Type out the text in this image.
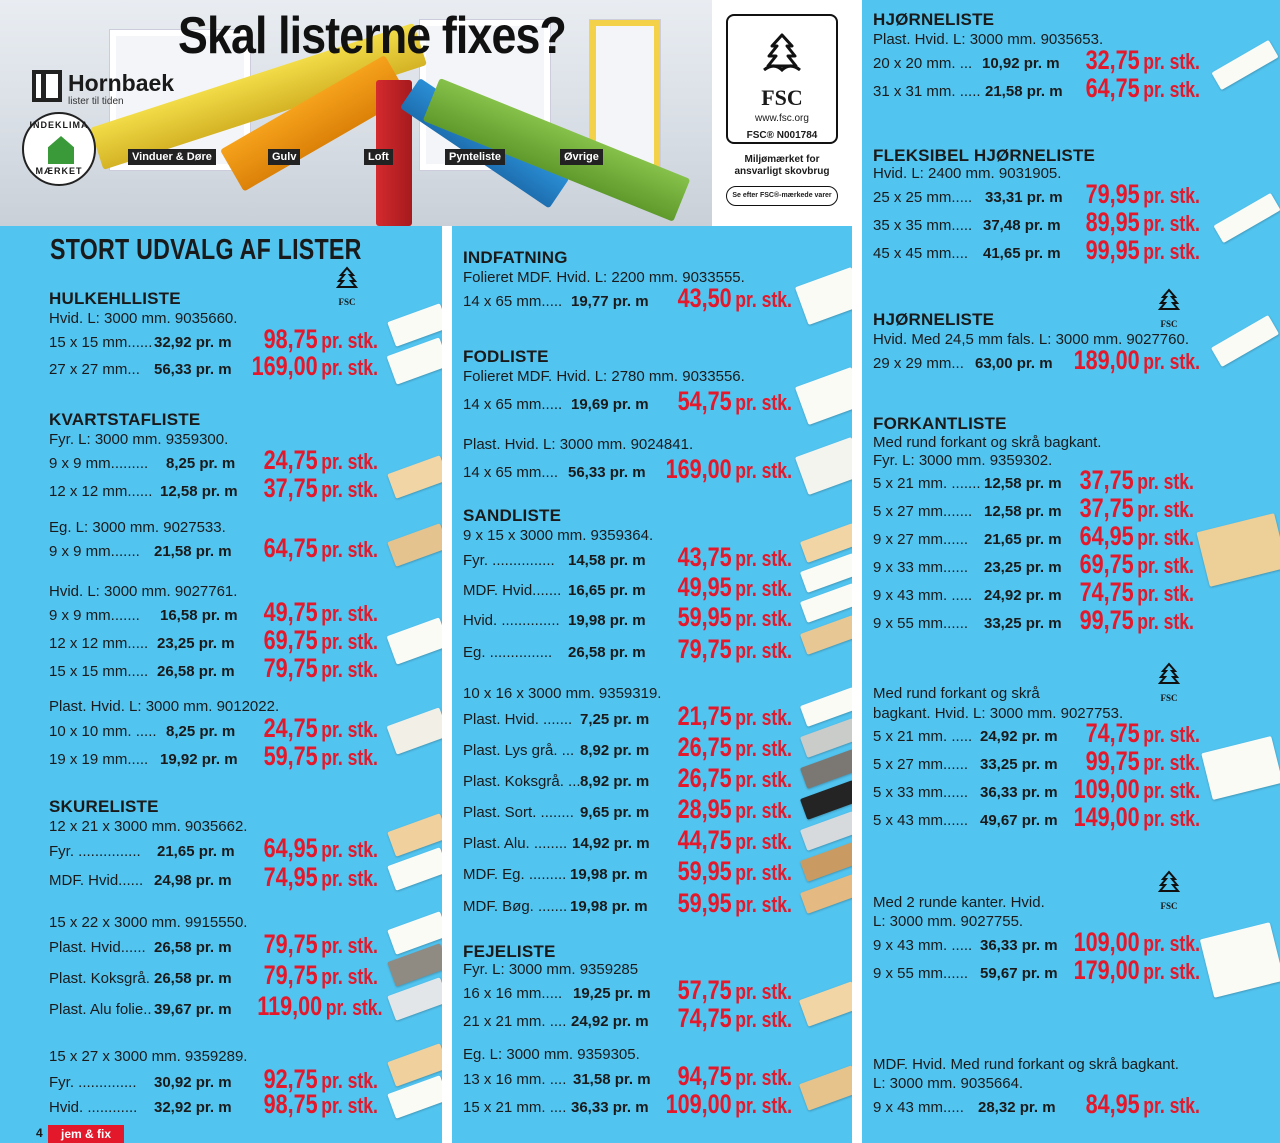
Skal listerne fixes?
Hornbaek
lister til tiden
INDEKLIMA
MÆRKET
Vinduer & Døre	Gulv	Loft	Pynteliste	Øvrige
FSC
www.fsc.org
FSC® N001784
Miljømærket for ansvarligt skovbrug
Se efter FSC®-mærkede varer
STORT UDVALG AF LISTER
FSC
HULKEHLLISTE
Hvid. L: 3000 mm. 9035660.
15 x 15 mm...... 32,92 pr. m 98,75 pr. stk.
27 x 27 mm... 56,33 pr. m 169,00 pr. stk.
KVARTSTAFLISTE
Fyr. L: 3000 mm. 9359300.
9 x 9 mm......... 8,25 pr. m 24,75 pr. stk.
12 x 12 mm...... 12,58 pr. m 37,75 pr. stk.
Eg. L: 3000 mm. 9027533.
9 x 9 mm....... 21,58 pr. m 64,75 pr. stk.
Hvid. L: 3000 mm. 9027761.
9 x 9 mm....... 16,58 pr. m 49,75 pr. stk.
12 x 12 mm..... 23,25 pr. m 69,75 pr. stk.
15 x 15 mm..... 26,58 pr. m 79,75 pr. stk.
Plast. Hvid. L: 3000 mm. 9012022.
10 x 10 mm. ..... 8,25 pr. m 24,75 pr. stk.
19 x 19 mm..... 19,92 pr. m 59,75 pr. stk.
SKURELISTE
12 x 21 x 3000 mm. 9035662.
Fyr. ............... 21,65 pr. m 64,95 pr. stk.
MDF. Hvid...... 24,98 pr. m 74,95 pr. stk.
15 x 22 x 3000 mm. 9915550.
Plast. Hvid...... 26,58 pr. m 79,75 pr. stk.
Plast. Koksgrå. 26,58 pr. m 79,75 pr. stk.
Plast. Alu folie.. 39,67 pr. m 119,00 pr. stk.
15 x 27 x 3000 mm. 9359289.
Fyr. .............. 30,92 pr. m 92,75 pr. stk.
Hvid. ............ 32,92 pr. m 98,75 pr. stk.
INDFATNING
Folieret MDF. Hvid. L: 2200 mm. 9033555.
14 x 65 mm..... 19,77 pr. m 43,50 pr. stk.
FODLISTE
Folieret MDF. Hvid. L: 2780 mm. 9033556.
14 x 65 mm..... 19,69 pr. m 54,75 pr. stk.
Plast. Hvid. L: 3000 mm. 9024841.
14 x 65 mm.... 56,33 pr. m 169,00 pr. stk.
SANDLISTE
9 x 15 x 3000 mm. 9359364.
Fyr. ............... 14,58 pr. m 43,75 pr. stk.
MDF. Hvid....... 16,65 pr. m 49,95 pr. stk.
Hvid. .............. 19,98 pr. m 59,95 pr. stk.
Eg. ............... 26,58 pr. m 79,75 pr. stk.
10 x 16 x 3000 mm. 9359319.
Plast. Hvid. ....... 7,25 pr. m 21,75 pr. stk.
Plast. Lys grå. ... 8,92 pr. m 26,75 pr. stk.
Plast. Koksgrå. ... 8,92 pr. m 26,75 pr. stk.
Plast. Sort. ........ 9,65 pr. m 28,95 pr. stk.
Plast. Alu. ........ 14,92 pr. m 44,75 pr. stk.
MDF. Eg. ......... 19,98 pr. m 59,95 pr. stk.
MDF. Bøg. ....... 19,98 pr. m 59,95 pr. stk.
FEJELISTE
Fyr. L: 3000 mm. 9359285
16 x 16 mm..... 19,25 pr. m 57,75 pr. stk.
21 x 21 mm. .... 24,92 pr. m 74,75 pr. stk.
Eg. L: 3000 mm. 9359305.
13 x 16 mm. .... 31,58 pr. m 94,75 pr. stk.
15 x 21 mm. .... 36,33 pr. m 109,00 pr. stk.
HJØRNELISTE
Plast. Hvid. L: 3000 mm. 9035653.
20 x 20 mm. ... 10,92 pr. m 32,75 pr. stk.
31 x 31 mm. ..... 21,58 pr. m 64,75 pr. stk.
FLEKSIBEL HJØRNELISTE
Hvid. L: 2400 mm. 9031905.
25 x 25 mm..... 33,31 pr. m 79,95 pr. stk.
35 x 35 mm..... 37,48 pr. m 89,95 pr. stk.
45 x 45 mm.... 41,65 pr. m 99,95 pr. stk.
FSC
HJØRNELISTE
Hvid. Med 24,5 mm fals. L: 3000 mm. 9027760.
29 x 29 mm... 63,00 pr. m 189,00 pr. stk.
FORKANTLISTE
Med rund forkant og skrå bagkant.
Fyr. L: 3000 mm. 9359302.
5 x 21 mm. ....... 12,58 pr. m 37,75 pr. stk.
5 x 27 mm....... 12,58 pr. m 37,75 pr. stk.
9 x 27 mm...... 21,65 pr. m 64,95 pr. stk.
9 x 33 mm...... 23,25 pr. m 69,75 pr. stk.
9 x 43 mm. ..... 24,92 pr. m 74,75 pr. stk.
9 x 55 mm...... 33,25 pr. m 99,75 pr. stk.
FSC
Med rund forkant og skrå
bagkant. Hvid. L: 3000 mm. 9027753.
5 x 21 mm. ..... 24,92 pr. m 74,75 pr. stk.
5 x 27 mm...... 33,25 pr. m 99,75 pr. stk.
5 x 33 mm...... 36,33 pr. m 109,00 pr. stk.
5 x 43 mm...... 49,67 pr. m 149,00 pr. stk.
FSC
Med 2 runde kanter. Hvid.
L: 3000 mm. 9027755.
9 x 43 mm. ..... 36,33 pr. m 109,00 pr. stk.
9 x 55 mm...... 59,67 pr. m 179,00 pr. stk.
MDF. Hvid. Med rund forkant og skrå bagkant.
L: 3000 mm. 9035664.
9 x 43 mm..... 28,32 pr. m 84,95 pr. stk.
4	jem & fix
